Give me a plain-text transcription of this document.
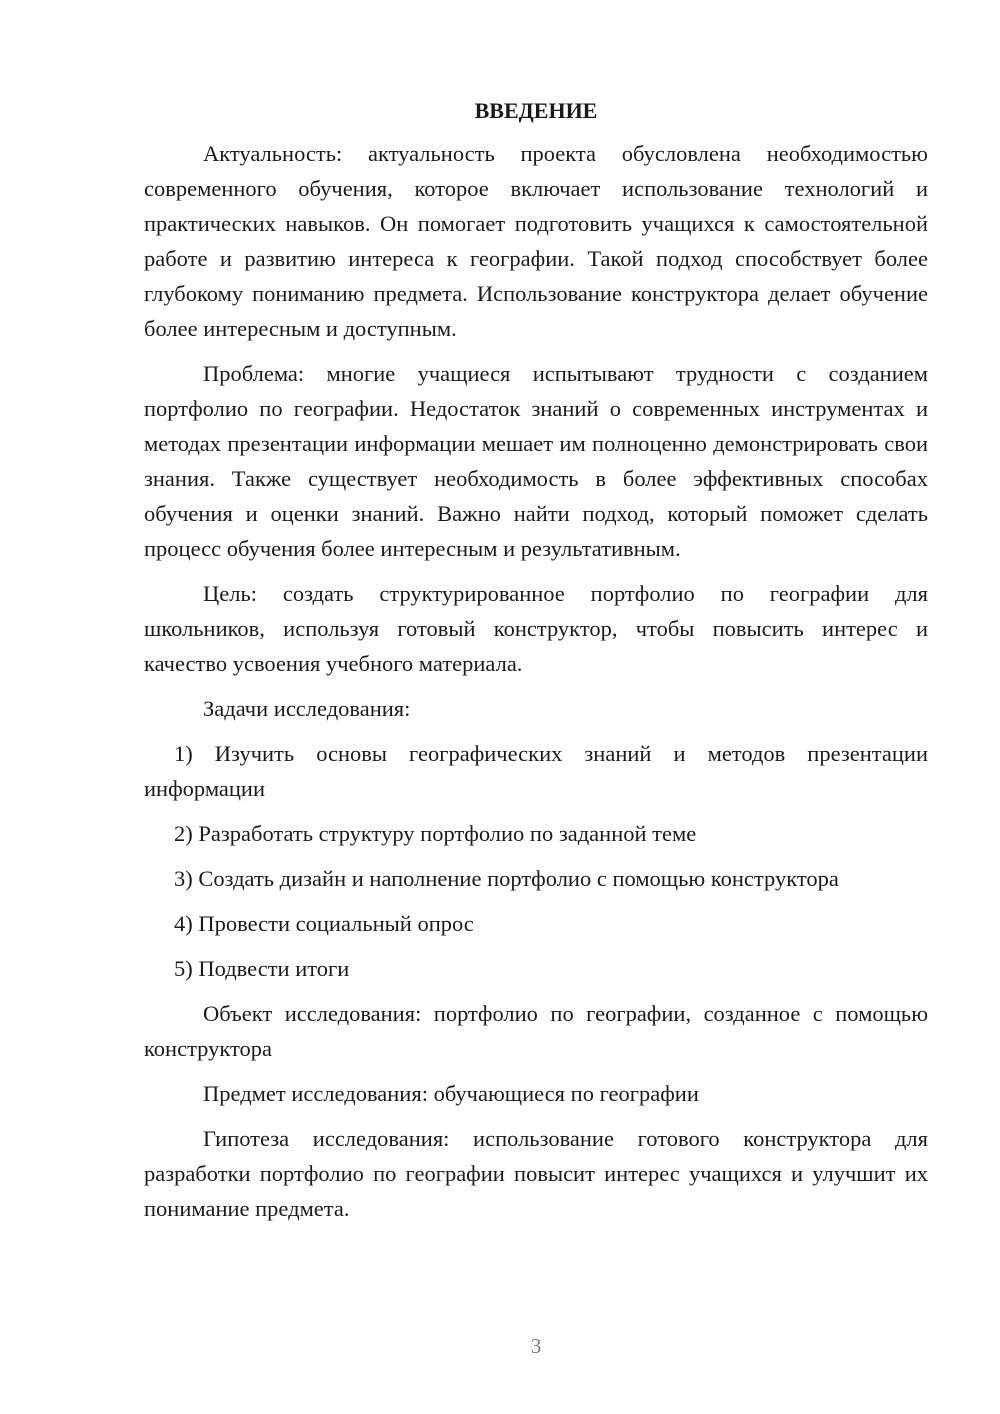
ВВЕДЕНИЕ

Актуальность: актуальность проекта обусловлена необходимостью современного обучения, которое включает использование технологий и практических навыков. Он помогает подготовить учащихся к самостоятельной работе и развитию интереса к географии. Такой подход способствует более глубокому пониманию предмета. Использование конструктора делает обучение более интересным и доступным.

Проблема: многие учащиеся испытывают трудности с созданием портфолио по географии. Недостаток знаний о современных инструментах и методах презентации информации мешает им полноценно демонстрировать свои знания. Также существует необходимость в более эффективных способах обучения и оценки знаний. Важно найти подход, который поможет сделать процесс обучения более интересным и результативным.

Цель: создать структурированное портфолио по географии для школьников, используя готовый конструктор, чтобы повысить интерес и качество усвоения учебного материала.

Задачи исследования:

1) Изучить основы географических знаний и методов презентации информации

2) Разработать структуру портфолио по заданной теме

3) Создать дизайн и наполнение портфолио с помощью конструктора

4) Провести социальный опрос

5) Подвести итоги

Объект исследования: портфолио по географии, созданное с помощью конструктора

Предмет исследования: обучающиеся по географии

Гипотеза исследования: использование готового конструктора для разработки портфолио по географии повысит интерес учащихся и улучшит их понимание предмета.

3
